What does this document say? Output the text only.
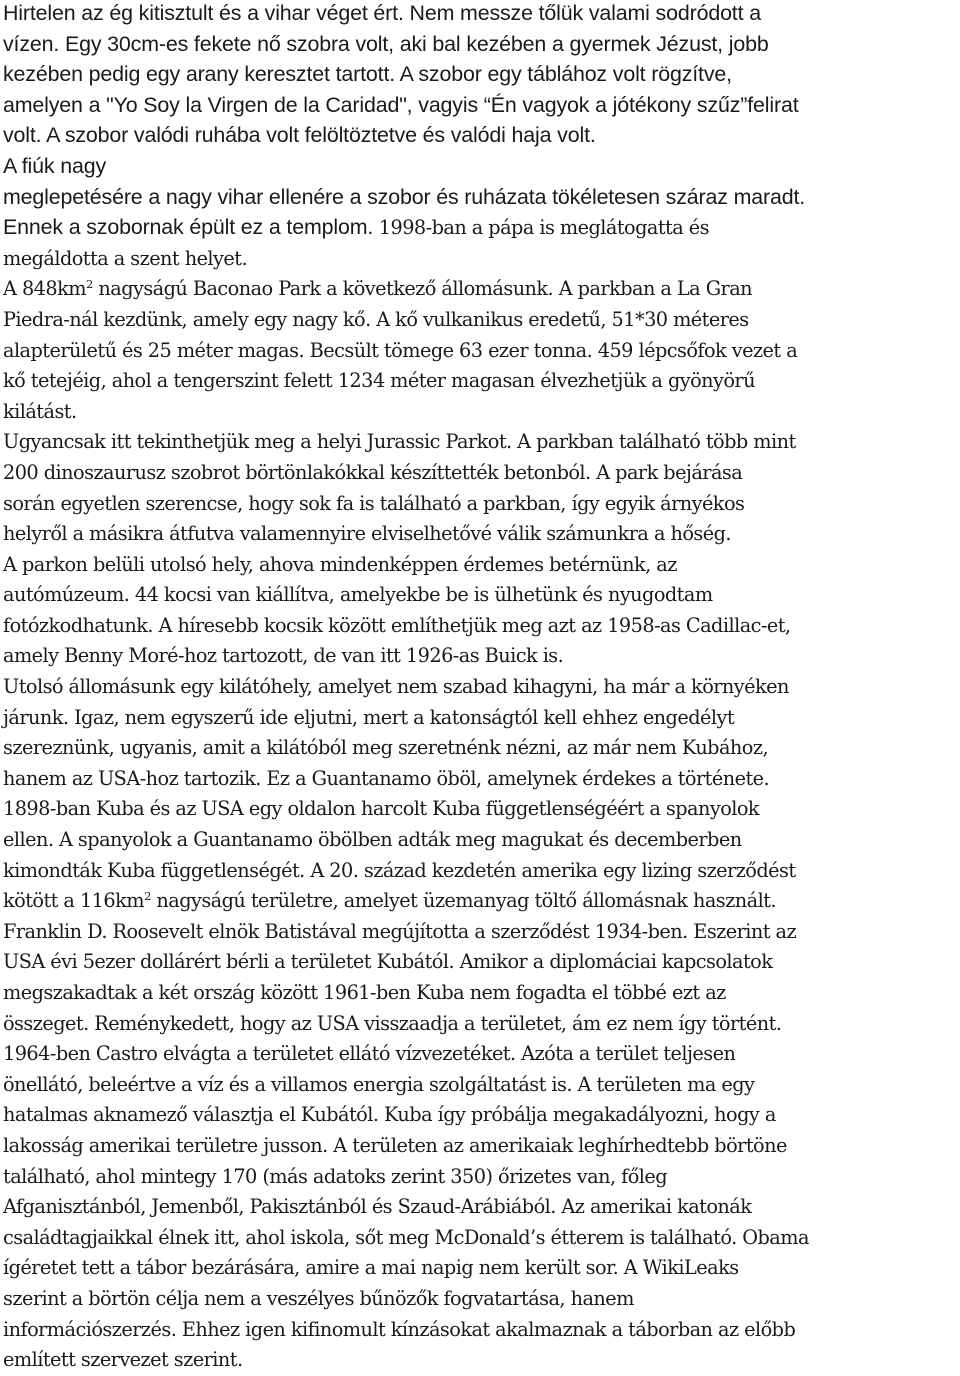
Hirtelen az ég kitisztult és a vihar véget ért. Nem messze tőlük valami sodródott a
vízen. Egy 30cm-es fekete nő szobra volt, aki bal kezében a gyermek Jézust, jobb
kezében pedig egy arany keresztet tartott. A szobor egy táblához volt rögzítve,
amelyen a "Yo Soy la Virgen de la Caridad", vagyis “Én vagyok a jótékony szűz”felirat
volt. A szobor valódi ruhába volt felöltöztetve és valódi haja volt.

A fiúk nagy
meglepetésére a nagy vihar ellenére a szobor és ruházata tökéletesen száraz maradt.
Ennek a szobornak épült ez a templom.

1998-ban a pápa is meglátogatta és
megáldotta a szent helyet.

A $848km^2$ nagyságú Baconao Park a következő állomásunk. A parkban a La Gran
Piedra-nál kezdünk, amely egy nagy kő. A kő vulkanikus eredetű, 51*30 méteres
alapterületű és 25 méter magas. Becsült tömege 63 ezer tonna. 459 lépcsőfok vezet a
kő tetejéig, ahol a tengerszint felett 1234 méter magasan élvezhetjük a gyönyörű
kilátást.

Ugyancsak itt tekinthetjük meg a helyi Jurassic Parkot. A parkban található több mint
200 dinoszaurusz szobrot börtönlakókkal készíttették betonból. A park bejárása
során egyetlen szerencse, hogy sok fa is található a parkban, így egyik árnyékos
helyről a másikra átfutva valamennyire elviselhetővé válik számunkra a hőség.

A parkon belüli utolsó hely, ahova mindenképpen érdemes betérnünk, az
autómúzeum. 44 kocsi van kiállítva, amelyekbe be is ülhetünk és nyugodtam
fotózkodhatunk. A híresebb kocsik között említhetjük meg azt az 1958-as Cadillac-et,
amely Benny Moré-hoz tartozott, de van itt 1926-as Buick is.

Utolsó állomásunk egy kilátóhely, amelyet nem szabad kihagyni, ha már a környéken
járunk. Igaz, nem egyszerű ide eljutni, mert a katonságtól kell ehhez engedélyt
szereznünk, ugyanis, amit a kilátóból meg szeretnénk nézni, az már nem Kubához,
hanem az USA-hoz tartozik. Ez a Guantanamo öböl, amelynek érdekes a története.
1898-ban Kuba és az USA egy oldalon harcolt Kuba függetlenségéért a spanyolok
ellen. A spanyolok a Guantanamo öbölben adták meg magukat és decemberben
kimondták Kuba függetlenségét. A 20. század kezdetén amerika egy lizing szerződést
kötött a $116km^2$ nagyságú területre, amelyet üzemanyag töltő állomásnak használt.
Franklin D. Roosevelt elnök Batistával megújította a szerződést 1934-ben. Eszerint az
USA évi 5ezer dollárért bérli a területet Kubától. Amikor a diplomáciai kapcsolatok
megszakadtak a két ország között 1961-ben Kuba nem fogadta el többé ezt az
összeget. Reménykedett, hogy az USA visszaadja a területet, ám ez nem így történt.
1964-ben Castro elvágta a területet ellátó vízvezetéket. Azóta a terület teljesen
önellátó, beleértve a víz és a villamos energia szolgáltatást is. A területen ma egy
hatalmas aknamező választja el Kubától. Kuba így próbálja megakadályozni, hogy a
lakosság amerikai területre jusson. A területen az amerikaiak leghírhedtebb börtöne
található, ahol mintegy 170 (más adatoks zerint 350) őrizetes van, főleg
Afganisztánból, Jemenből, Pakisztánból és Szaud-Arábiából. Az amerikai katonák
családtagjaikkal élnek itt, ahol iskola, sőt meg McDonald’s étterem is található. Obama
ígéretet tett a tábor bezárására, amire a mai napig nem került sor. A WikiLeaks
szerint a börtön célja nem a veszélyes bűnözők fogvatartása, hanem
információszerzés. Ehhez igen kifinomult kínzásokat akalmaznak a táborban az előbb
említett szervezet szerint.
